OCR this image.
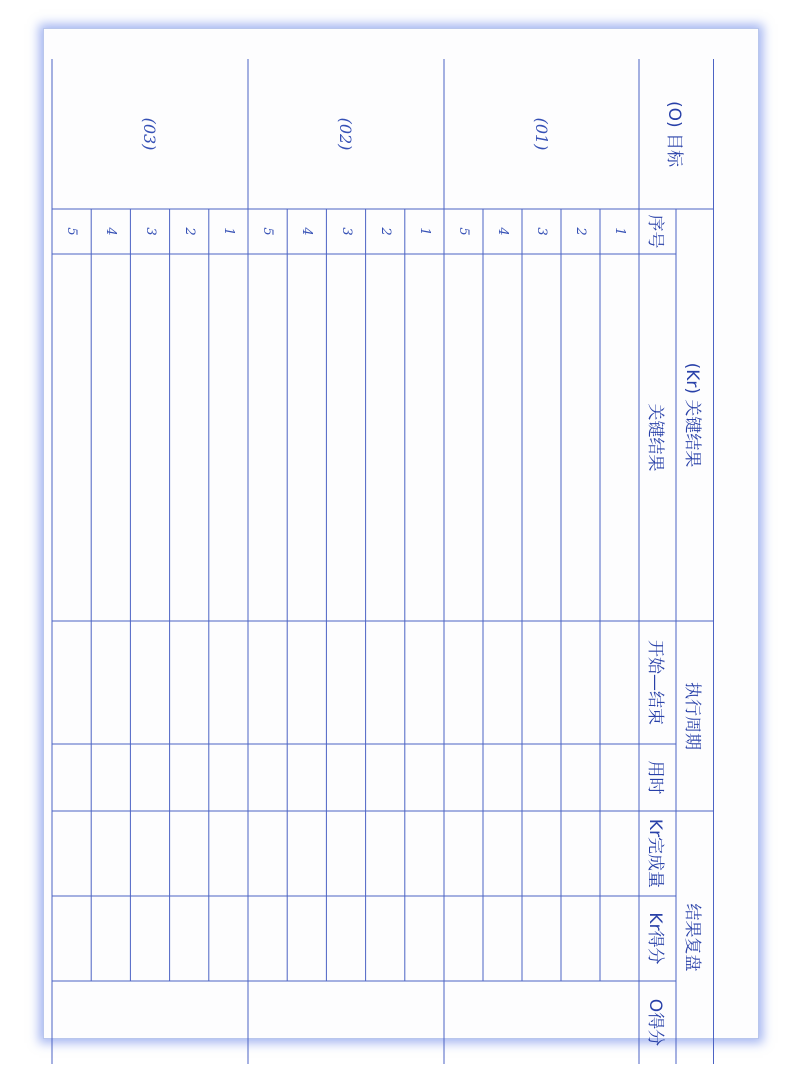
(O) 目标
(Kr) 关键结果
序号
关键结果
执行周期
开始—结束
用时
结果复盘
Kr完成量
Kr得分
O得分
(01)
(02)
(03)
1
2
3
4
5
1
2
3
4
5
1
2
3
4
5
